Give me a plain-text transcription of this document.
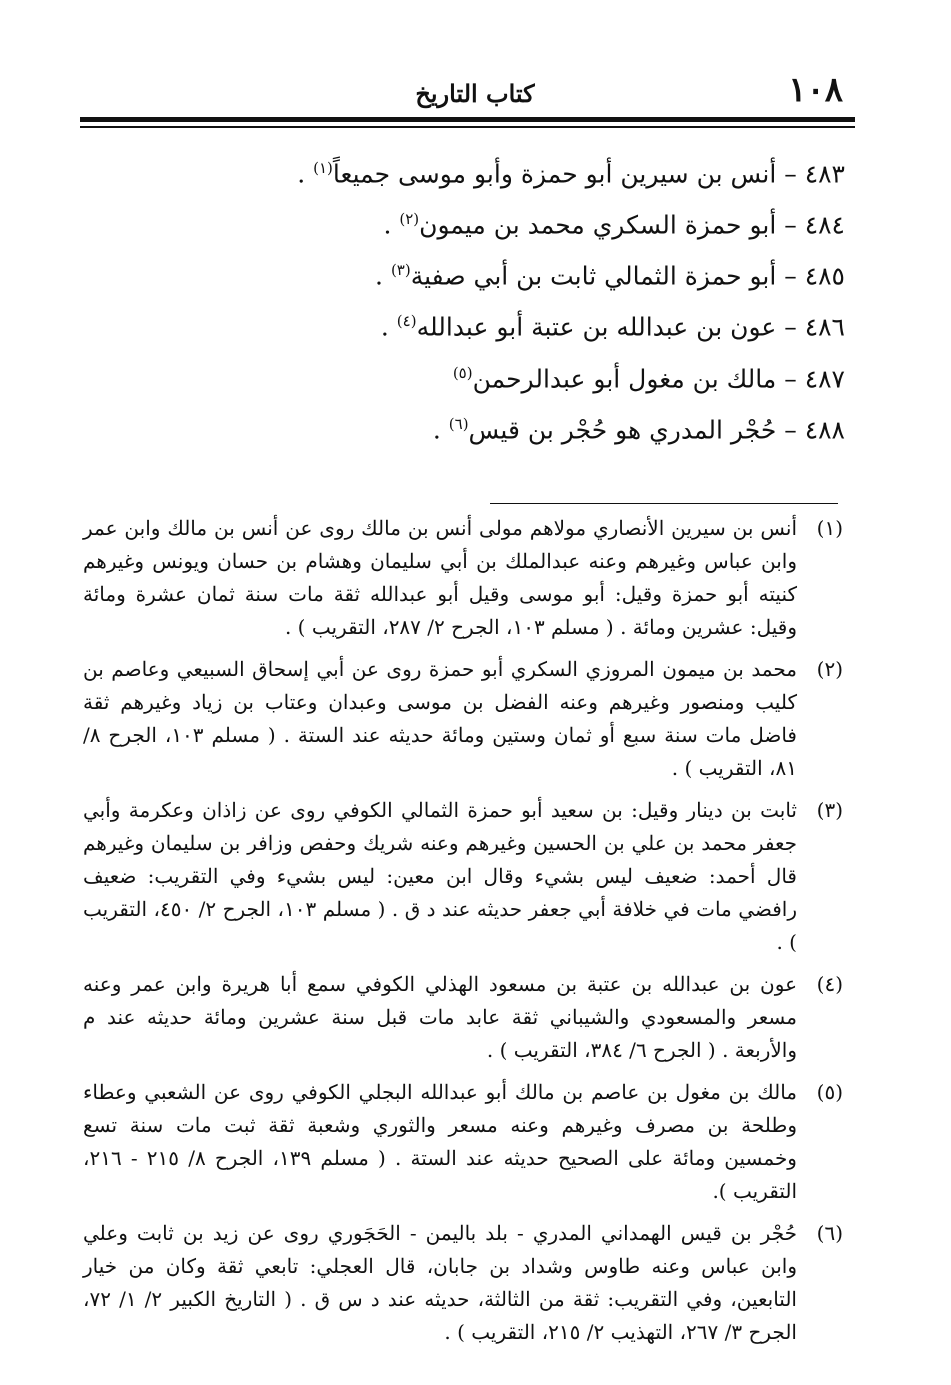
١٠٨
كتاب التاريخ
٤٨٣ – أنس بن سيرين أبو حمزة وأبو موسى جميعاً$^{(١)}$ .
٤٨٤ – أبو حمزة السكري محمد بن ميمون$^{(٢)}$ .
٤٨٥ – أبو حمزة الثمالي ثابت بن أبي صفية$^{(٣)}$ .
٤٨٦ – عون بن عبدالله بن عتبة أبو عبدالله$^{(٤)}$ .
٤٨٧ – مالك بن مغول أبو عبدالرحمن$^{(٥)}$
٤٨٨ – حُجْر المدري هو حُجْر بن قيس$^{(٦)}$ .
(١)
أنس بن سيرين الأنصاري مولاهم مولى أنس بن مالك روى عن أنس بن مالك وابن عمر وابن عباس وغيرهم وعنه عبدالملك بن أبي سليمان وهشام بن حسان ويونس وغيرهم كنيته أبو حمزة وقيل: أبو موسى وقيل أبو عبدالله ثقة مات سنة ثمان عشرة ومائة وقيل: عشرين ومائة . ( مسلم ١٠٣، الجرح ٢/ ٢٨٧، التقريب ) .
(٢)
محمد بن ميمون المروزي السكري أبو حمزة روى عن أبي إسحاق السبيعي وعاصم بن كليب ومنصور وغيرهم وعنه الفضل بن موسى وعبدان وعتاب بن زياد وغيرهم ثقة فاضل مات سنة سبع أو ثمان وستين ومائة حديثه عند الستة . ( مسلم ١٠٣، الجرح ٨/ ٨١، التقريب ) .
(٣)
ثابت بن دينار وقيل: بن سعيد أبو حمزة الثمالي الكوفي روى عن زاذان وعكرمة وأبي جعفر محمد بن علي بن الحسين وغيرهم وعنه شريك وحفص وزافر بن سليمان وغيرهم قال أحمد: ضعيف ليس بشيء وقال ابن معين: ليس بشيء وفي التقريب: ضعيف رافضي مات في خلافة أبي جعفر حديثه عند د ق . ( مسلم ١٠٣، الجرح ٢/ ٤٥٠، التقريب ) .
(٤)
عون بن عبدالله بن عتبة بن مسعود الهذلي الكوفي سمع أبا هريرة وابن عمر وعنه مسعر والمسعودي والشيباني ثقة عابد مات قبل سنة عشرين ومائة حديثه عند م والأربعة . ( الجرح ٦/ ٣٨٤، التقريب ) .
(٥)
مالك بن مغول بن عاصم بن مالك أبو عبدالله البجلي الكوفي روى عن الشعبي وعطاء وطلحة بن مصرف وغيرهم وعنه مسعر والثوري وشعبة ثقة ثبت مات سنة تسع وخمسين ومائة على الصحيح حديثه عند الستة . ( مسلم ١٣٩، الجرح ٨/ ٢١٥ - ٢١٦، التقريب ).
(٦)
حُجْر بن قيس الهمداني المدري - بلد باليمن - الحَجَوري روى عن زيد بن ثابت وعلي وابن عباس وعنه طاوس وشداد بن جابان، قال العجلي: تابعي ثقة وكان من خيار التابعين، وفي التقريب: ثقة من الثالثة، حديثه عند د س ق . ( التاريخ الكبير ٢/ ١/ ٧٢، الجرح ٣/ ٢٦٧، التهذيب ٢/ ٢١٥، التقريب ) .
